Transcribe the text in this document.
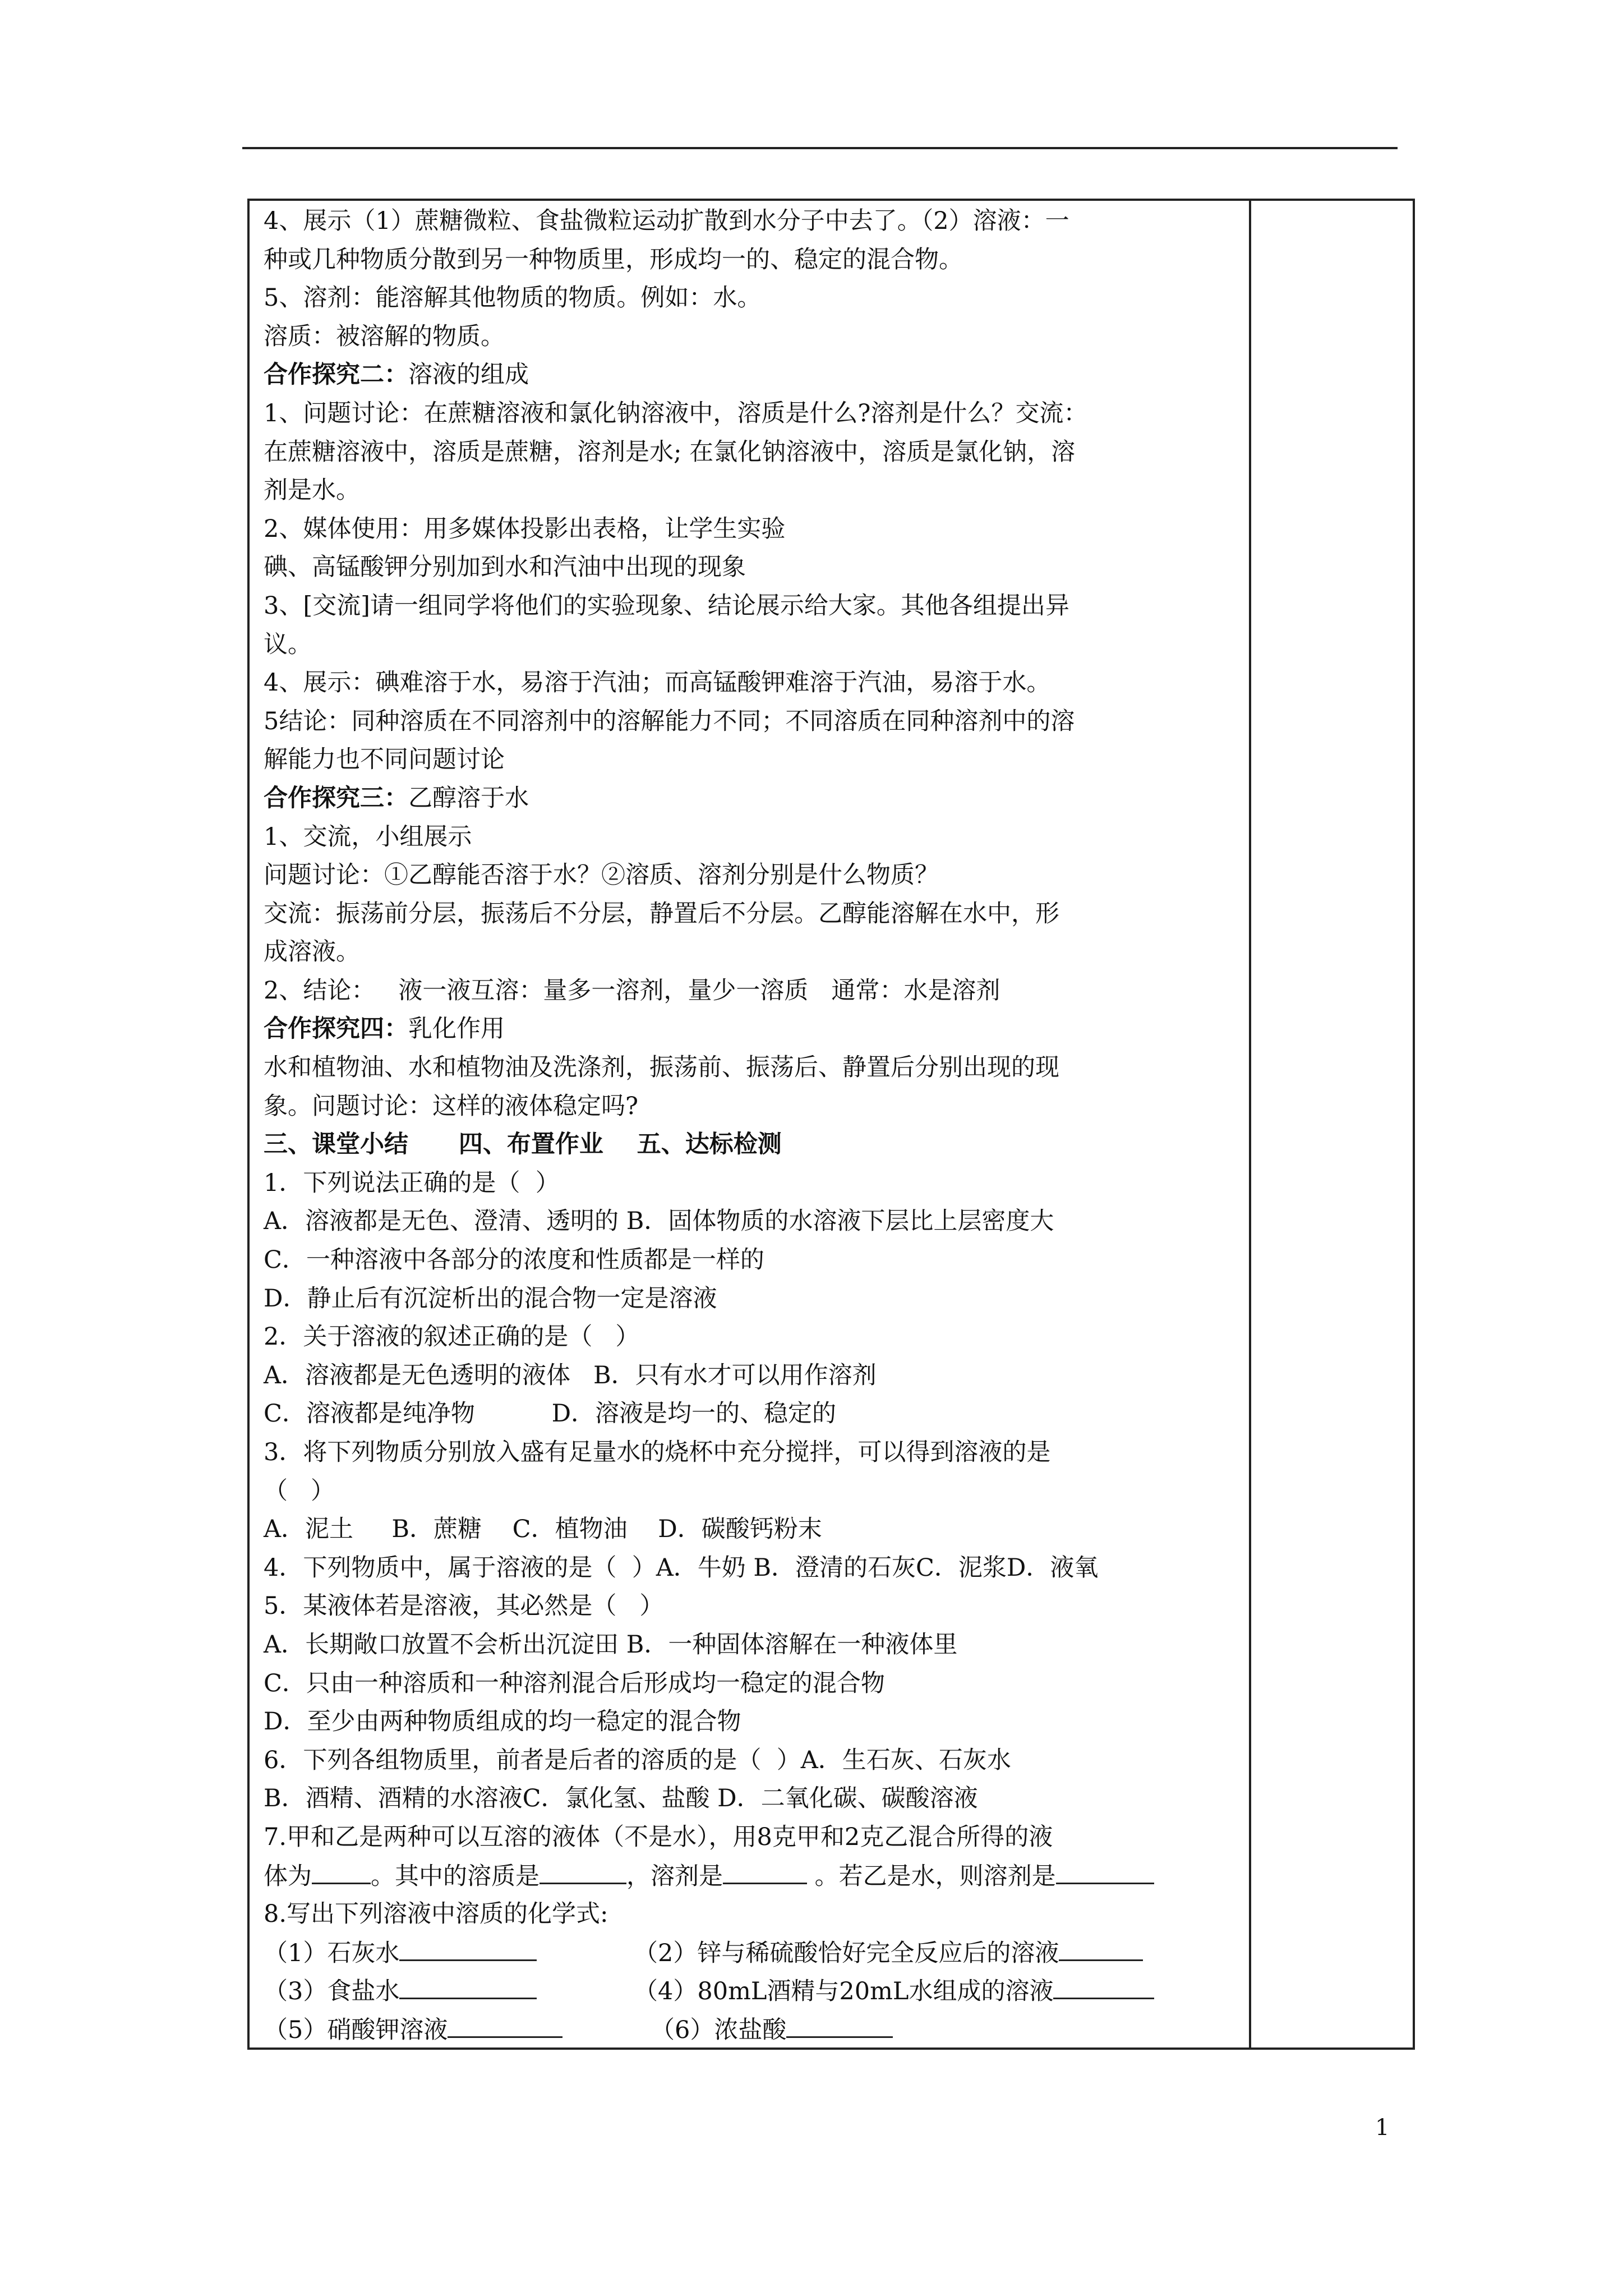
4、展示（1）蔗糖微粒、食盐微粒运动扩散到水分子中去了。（2）溶液：一
种或几种物质分散到另一种物质里，形成均一的、稳定的混合物。
5、溶剂：能溶解其他物质的物质。例如：水。
溶质：被溶解的物质。
合作探究二：溶液的组成
1、问题讨论：在蔗糖溶液和氯化钠溶液中，溶质是什么?溶剂是什么？交流：
在蔗糖溶液中，溶质是蔗糖，溶剂是水; 在氯化钠溶液中，溶质是氯化钠，溶
剂是水。
2、媒体使用：用多媒体投影出表格，让学生实验
碘、高锰酸钾分别加到水和汽油中出现的现象
3、[交流]请一组同学将他们的实验现象、结论展示给大家。其他各组提出异
议。
4、展示：碘难溶于水，易溶于汽油；而高锰酸钾难溶于汽油，易溶于水。
5结论：同种溶质在不同溶剂中的溶解能力不同；不同溶质在同种溶剂中的溶
解能力也不同问题讨论
合作探究三：乙醇溶于水
1、交流，小组展示
问题讨论：①乙醇能否溶于水？②溶质、溶剂分别是什么物质？
交流：振荡前分层，振荡后不分层，静置后不分层。乙醇能溶解在水中，形
成溶液。
2、结论：   液一液互溶：量多一溶剂，量少一溶质   通常：水是溶剂
合作探究四：乳化作用
水和植物油、水和植物油及洗涤剂，振荡前、振荡后、静置后分别出现的现
象。问题讨论：这样的液体稳定吗?
三、课堂小结      四、布置作业    五、达标检测
1．下列说法正确的是（  ）
A．溶液都是无色、澄清、透明的 B．固体物质的水溶液下层比上层密度大
C．一种溶液中各部分的浓度和性质都是一样的
D．静止后有沉淀析出的混合物一定是溶液
2．关于溶液的叙述正确的是（   ）
A．溶液都是无色透明的液体   B．只有水才可以用作溶剂
C．溶液都是纯净物          D．溶液是均一的、稳定的
3．将下列物质分别放入盛有足量水的烧杯中充分搅拌，可以得到溶液的是
（   ）
A．泥土     B．蔗糖    C．植物油    D．碳酸钙粉末
4．下列物质中，属于溶液的是（  ）A．牛奶 B．澄清的石灰C．泥浆D．液氧
5．某液体若是溶液，其必然是（   ）
A．长期敞口放置不会析出沉淀田 B．一种固体溶解在一种液体里
C．只由一种溶质和一种溶剂混合后形成均一稳定的混合物
D．至少由两种物质组成的均一稳定的混合物
6．下列各组物质里，前者是后者的溶质的是（  ）A．生石灰、石灰水
B．酒精、酒精的水溶液C．氯化氢、盐酸 D．二氧化碳、碳酸溶液
7.甲和乙是两种可以互溶的液体（不是水），用8克甲和2克乙混合所得的液
体为 。其中的溶质是	，溶剂是	。若乙是水，则溶剂是
8.写出下列溶液中溶质的化学式:
（1）石灰水	（2）锌与稀硫酸恰好完全反应后的溶液
（3）食盐水	（4）80mL酒精与20mL水组成的溶液
（5）硝酸钾溶液	（6）浓盐酸
1
